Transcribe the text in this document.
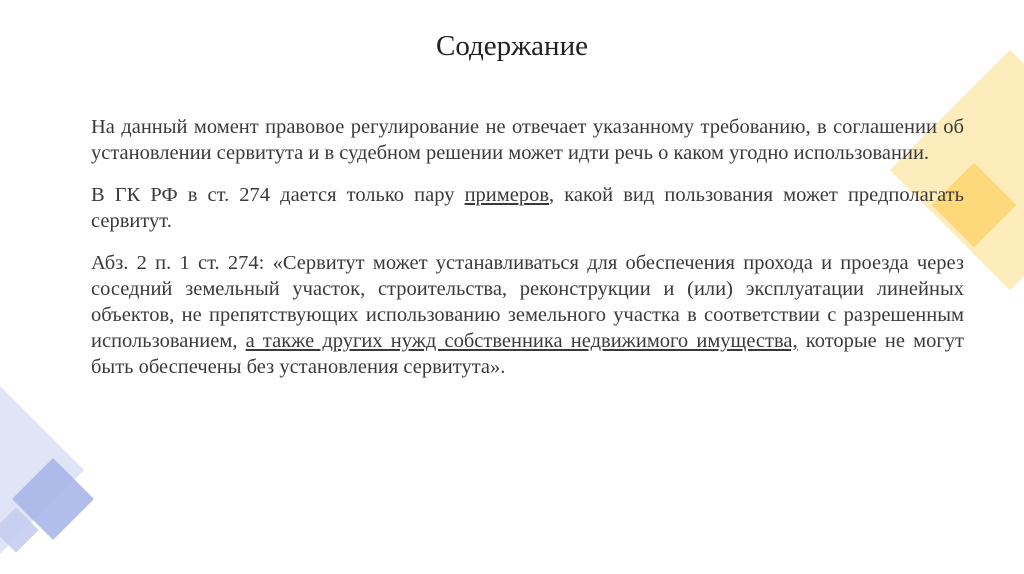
Содержание

На данный момент правовое регулирование не отвечает указанному требованию, в соглашении об установлении сервитута и в судебном решении может идти речь о каком угодно использовании.

В ГК РФ в ст. 274 дается только пару примеров, какой вид пользования может предполагать сервитут.

Абз. 2 п. 1 ст. 274: «Сервитут может устанавливаться для обеспечения прохода и проезда через соседний земельный участок, строительства, реконструкции и (или) эксплуатации линейных объектов, не препятствующих использованию земельного участка в соответствии с разрешенным использованием, а также других нужд собственника недвижимого имущества, которые не могут быть обеспечены без установления сервитута».
